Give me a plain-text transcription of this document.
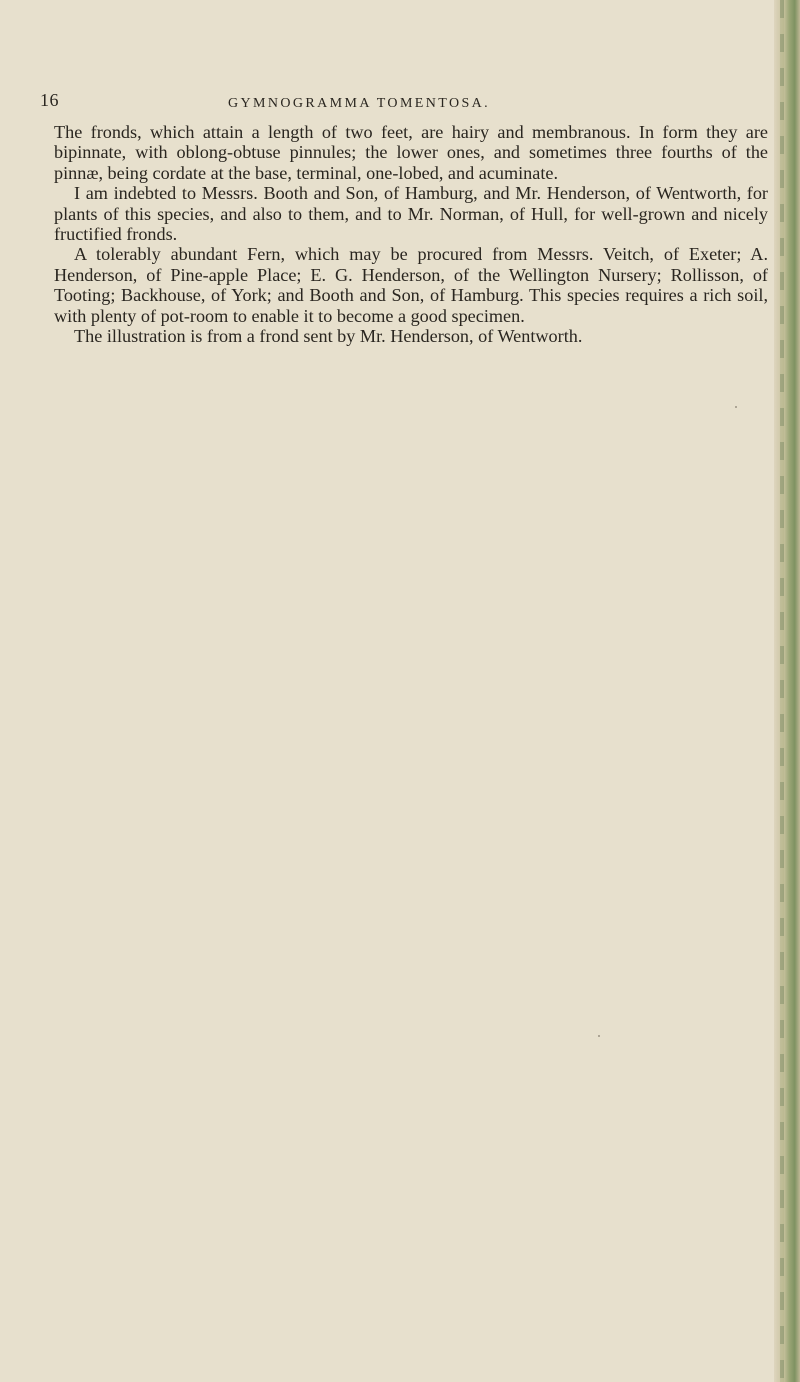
16	GYMNOGRAMMA TOMENTOSA.

The fronds, which attain a length of two feet, are hairy and membranous. In form they are bipinnate, with oblong-obtuse pinnules; the lower ones, and sometimes three fourths of the pinnæ, being cordate at the base, terminal, one-lobed, and acuminate.

I am indebted to Messrs. Booth and Son, of Hamburg, and Mr. Henderson, of Wentworth, for plants of this species, and also to them, and to Mr. Norman, of Hull, for well-grown and nicely fructified fronds.

A tolerably abundant Fern, which may be procured from Messrs. Veitch, of Exeter; A. Henderson, of Pine-apple Place; E. G. Henderson, of the Wellington Nursery; Rollisson, of Tooting; Backhouse, of York; and Booth and Son, of Hamburg. This species requires a rich soil, with plenty of pot-room to enable it to become a good specimen.

The illustration is from a frond sent by Mr. Henderson, of Wentworth.
